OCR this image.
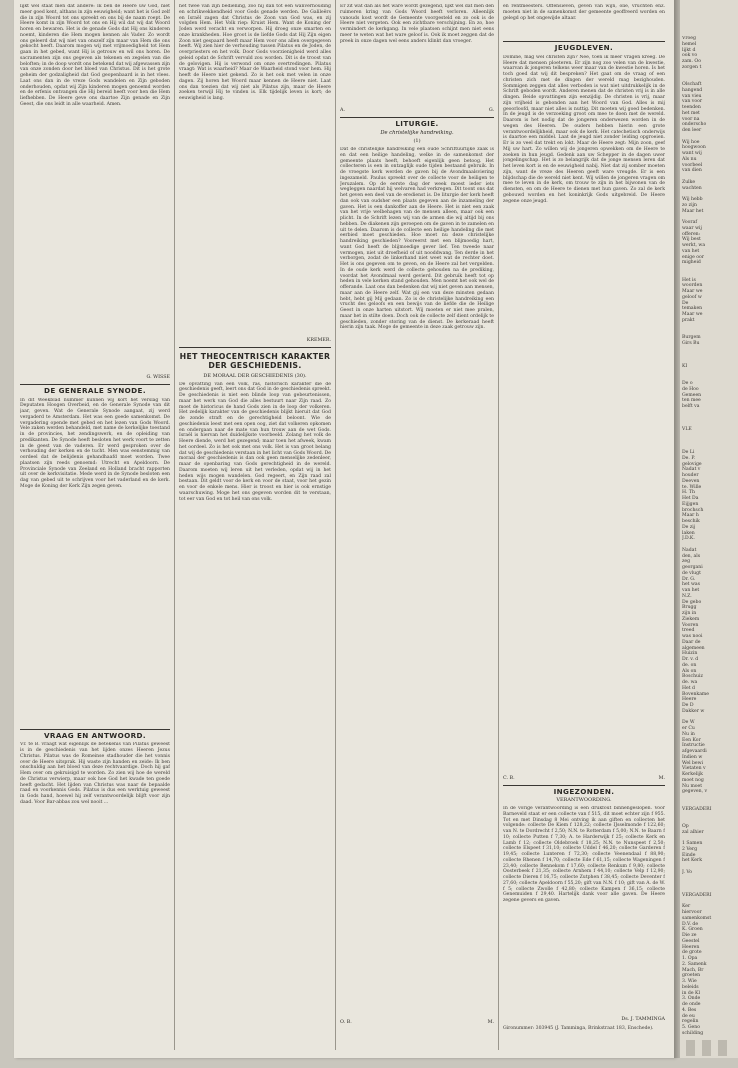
lijkt wel staat men dat andere: Ik ben de Heere uw God, niet meer goed kent, althans in zijn eeuwigheid; want het is God zelf die in zijn Woord tot ons spreekt en ons bij de naam roept. De Heere komt in zijn Woord tot ons en Hij wil dat wij dat Woord horen en bewaren. Het is de genade Gods dat Hij ons kinderen noemt, kinderen die Hem mogen kennen als Vader. Zo wordt ons geleerd dat wij niet van onszelf zijn maar van Hem die ons gekocht heeft. Daarom mogen wij met vrijmoedigheid tot Hem gaan in het gebed, want Hij is getrouw en wil ons horen. De sacramenten zijn ons gegeven als tekenen en zegelen van die beloften; in de doop wordt ons betekend dat wij afgewassen zijn van onze zonden door het bloed van Christus. Dit is het grote geheim der godzaligheid dat God geopenbaard is in het vlees. Laat ons dan in de vreze Gods wandelen en Zijn geboden onderhouden, opdat wij Zijn kinderen mogen genoemd worden en de erfenis ontvangen die Hij bereid heeft voor hen die Hem liefhebben. De Heere geve ons daartoe Zijn genade en Zijn Geest, die ons leidt in alle waarheid. Amen.
G. WISSE
DE GENERALE SYNODE.
In dit Weekblad nummer kunnen wij kort het verslag van Deputaten Hoogen Overbeid, en de Generale Synode van dit jaar, geven. Wat de Generale Synode aangaat, zij werd vergaderd te Amsterdam. Het was een goede samenkomst. De vergadering opende met gebed en het lezen van Gods Woord. Vele zaken werden behandeld, met name de kerkelijke toestand in de provincies, het zendingswerk, en de opleiding van predikanten. De Synode heeft besloten het werk voort te zetten in de geest van de vaderen. Er werd gesproken over de verhouding der kerken en de tucht. Men was eenstemmig van oordeel dat de belijdenis gehandhaafd moet worden. Twee plaatsen zijn reeds genoemd: Utrecht en Apeldoorn. De Provinciale Synode van Zeeland en Holland bracht rapporten uit over de kerkvisitatie. Mede werd in de Synode besloten een dag van gebed uit te schrijven voor het vaderland en de kerk. Moge de Koning der Kerk Zijn zegen geven.
VRAAG EN ANTWOORD.
Vr. te B. vraagt wat eigenlijk de betekenis van Pilatus geweest is in de geschiedenis van het lijden onzes Heeren Jezus Christus. Pilatus was de Romeinse stadhouder die het vonnis over de Heere uitsprak. Hij waste zijn handen en zeide: Ik ben onschuldig aan het bloed van deze rechtvaardige. Doch hij gaf Hem over om gekruisigd te worden. Zo zien wij hoe de wereld de Christus verwierp, maar ook hoe God het kwade ten goede heeft gedacht. Het lijden van Christus was naar de bepaalde raad en voorkennis Gods. Pilatus is dus een werktuig geweest in Gods hand, hoewel hij zelf verantwoordelijk blijft voor zijn daad. Voor Bar-abbas zou wel nooit ...
het twee van zijn bediening, zoo hij dan tot een wanverhouding en schrikwekkendheid voor Gods genade werden. De Galileërs en Israël zagen dat Christus de Zoon van God was, en zij volgden Hem. Het Volk riep: Kruist Hem. Want de Koning der Joden werd veracht en verworpen. Hij droeg onze smarten en onze krankheden. Hoe groot is de liefde Gods dat Hij Zijn eigen Zoon niet gespaard heeft maar Hem voor ons allen overgegeven heeft. Wij zien hier de verhouding tussen Pilatus en de Joden, de overpriesters en het volk. Door Gods voorzienigheid werd alles geleid opdat de Schrift vervuld zou worden. Dit is de troost van de gelovigen. Hij is verwond om onze overtredingen. Pilatus vraagt: Wat is waarheid? Maar de Waarheid stond voor hem. Hij heeft de Heere niet gekend. Zo is het ook met velen in onze dagen. Zij horen het Woord maar kennen de Heere niet. Laat ons dan toezien dat wij niet als Pilatus zijn, maar de Heere zoeken terwijl Hij te vinden is. Elk tijdelijk leven is kort; de eeuwigheid is lang.
KREMER.
HET THEOCENTRISCH KARAKTER DER GESCHIEDENIS.
DE MORAAL DER GESCHIEDENIS (30).
De opvatting van een volk, ras, historisch karakter die de geschiedenis geeft, leert ons dat God in de geschiedenis spreekt. De geschiedenis is niet een blinde loop van gebeurtenissen, maar het werk van God die alles bestuurt naar Zijn raad. Zo moet de historicus de hand Gods zien in de loop der volkeren. Het zedelijk karakter van de geschiedenis blijkt hieruit dat God de zonde straft en de gerechtigheid beloont. Wie de geschiedenis leest met een open oog, ziet dat volkeren opkomen en ondergaan naar de mate van hun trouw aan de wet Gods. Israël is hiervan het duidelijkste voorbeeld. Zolang het volk de Heere diende, werd het gezegend; maar toen het afweek, kwam het oordeel. Zo is het ook met ons volk. Het is van groot belang dat wij de geschiedenis verstaan in het licht van Gods Woord. De moraal der geschiedenis is dan ook geen menselijke zedenleer, maar de openbaring van Gods gerechtigheid in de wereld. Daarom moeten wij leren uit het verleden, opdat wij in het heden wijs mogen wandelen. God regeert, en Zijn raad zal bestaan. Dit geldt voor de kerk en voor de staat, voor het gezin en voor de enkele mens. Hier is troost en hier is ook ernstige waarschuwing. Moge het ons gegeven worden dit te verstaan, tot eer van God en tot heil van ons volk.
Er zit wat dan als het ware wordt gezegend, lijkt wel dat men den ruimeren kring van Gods Woord heeft verloren. Alleenlijk vanouds kost wordt de Gemeente voorgesteld en zo ook is de Heere niet vergeten. Ook een zichtbare verschijning. En zo, hoe vermindert de kerkgang. In vele plaatsen schijnt men niet eens meer te weten wat het ware geloof is. Ook ik moet zeggen dat de preek in onze dagen wel eens anders klinkt dan vroeger.
A.	G.
LITURGIE.
De christelijke handreiking.
(1)
Dat de christelijke handreiking een oude Schriftuurlijke zaak is en dat een heilige handeling, welke in de samenkomst der gemeente plaats heeft, behoeft eigenlijk geen betoog. Het collecteren is een in ontzaglijk oude tijden bestaand gebruik. In de vroegste kerk werden de gaven bij de Avondmaalsviering ingezameld. Paulus spreekt over de collecte voor de heiligen te Jeruzalem. Op de eerste dag der week moest ieder iets wegleggen naardat hij welvaren had verkregen. Dit toont ons dat het geven een deel van de eredienst is. De liturgie der kerk heeft dan ook van oudsher een plaats gegeven aan de inzameling der gaven. Het is een dankoffer aan de Heere. Het is niet een zaak van het vrije welbehagen van de mensen alleen, maar ook een plicht. In de Schrift lezen wij van de armen die wij altijd bij ons hebben. De diakenen zijn geroepen om de gaven in te zamelen en uit te delen. Daarom is de collecte een heilige handeling die met eerbied moet geschieden. Hoe moet nu deze christelijke handreiking geschieden? Vooreerst met een blijmoedig hart, want God heeft de blijmoedige gever lief. Ten tweede naar vermogen, niet uit droefheid of uit nooddwang. Ten derde in het verborgen, zodat de linkerhand niet weet wat de rechter doet. Het is ons gegeven om te geven, en de Heere zal het vergelden. In de oude kerk werd de collecte gehouden na de prediking, voordat het Avondmaal werd gevierd. Dit gebruik heeft tot op heden in vele kerken stand gehouden. Men noemt het ook wel de offerande. Laat ons dan bedenken dat wij niet geven aan mensen, maar aan de Heere zelf. Wat gij een van deze minsten gedaan hebt, hebt gij Mij gedaan. Zo is de christelijke handreiking een vrucht des geloofs en een bewijs van de liefde die de Heilige Geest in onze harten uitstort. Wij moeten er niet mee pralen, maar het in stilte doen. Doch ook de collecte zelf dient ordelijk te geschieden, zonder storing van de dienst. De kerkeraad heeft hierin zijn taak. Moge de gemeente in deze zaak getrouw zijn.
O. B.	M.
en rentmeesters. Offensieven, geven van wijn, olie, vruchten enz. moeten niet in de samenkomst der gemeente geoffreerd worden en gelegd op het ongewijde altaar.
JEUGDLEVEN.
Dominé, mag wel christen zijn? Nee, toen ik meer vragen kreeg. De Heere dat mensen ploeteren. Er zijn nog zoo velen van de kwestie, waarvan ik jongeren telkens weer maar van de kwestie horen. Is het toch goed dat wij dit bespreken? Het gaat om de vraag of een christen zich met de dingen der wereld mag bezighouden. Sommigen zeggen dat alles verboden is wat niet uitdrukkelijk in de Schrift geboden wordt. Anderen menen dat de christen vrij is in alle dingen. Beide opvattingen zijn eenzijdig. De christen is vrij, maar zijn vrijheid is gebonden aan het Woord van God. Alles is mij geoorloofd, maar niet alles is nuttig. Dit moeten wij goed bedenken. In de jeugd is de verzoeking groot om mee te doen met de wereld. Daarom is het nodig dat de jongeren onderwezen worden in de wegen des Heeren. De ouders hebben hierin een grote verantwoordelijkheid, maar ook de kerk. Het catechetisch onderwijs is daartoe een middel. Laat de jeugd niet zonder leiding opgroeien. Er is zo veel dat trekt en lokt. Maar de Heere zegt: Mijn zoon, geef Mij uw hart. Zo willen wij de jongeren opwekken om de Heere te zoeken in hun jeugd. Gedenk aan uw Schepper in de dagen uwer jongelingschap. Het is zo belangrijk dat de jonge mensen leren dat het leven kort is en de eeuwigheid nabij. Niet dat zij somber moeten zijn, want de vreze des Heeren geeft ware vreugde. Er is een blijdschap die de wereld niet kent. Wij willen de jongeren vragen om mee te leven in de kerk, om trouw te zijn in het bijwonen van de diensten, en om de Heere te dienen met hun gaven. Zo zal de kerk gebouwd worden en het koninkrijk Gods uitgebreid. De Heere zegene onze jeugd.
C. B.	M.
INGEZONDEN.
VERANTWOORDING.
In de vorige verantwoording is een drukfout binnengeslopen. Voor Barneveld staat er een collecte van f 515, dit moet echter zijn f 955. Tot en met Dinsdag 8 Mei ontving ik aan giften en collecten het volgende: collecte De Kiem f 128,22; collecte IJsselmonde f 122,60; van N. te Dordrecht f 2,50; N.N. te Rotterdam f 5,00; N.N. te Baarn f 10; collecte Putten f 7,30; A. te Harderwijk f 25; collecte Kerk en Lamb f 12; collecte Oldebroek f 18,25; N.N. te Nunspeet f 2,50; collecte Elspeet f 31,10; collecte Uddel f 46,20; collecte Garderen f 19,45; collecte Lunteren f 72,30; collecte Veenendaal f 88,90; collecte Rhenen f 14,70; collecte Ede f 61,15; collecte Wageningen f 23,40; collecte Bennekom f 17,60; collecte Renkum f 9,80; collecte Oosterbeek f 21,35; collecte Arnhem f 44,10; collecte Velp f 12,90; collecte Dieren f 16,75; collecte Zutphen f 38,45; collecte Deventer f 27,60; collecte Apeldoorn f 55,20; gift van N.N. f 10; gift van A. de W. f 5; collecte Zwolle f 42,80; collecte Kampen f 36,15; collecte Genemuiden f 29,40. Hartelijk dank voor alle gaven. De Heere zegene gevers en gaven.
Ds. J. TAMMINGA
Gironummer: 303945 (J. Tamminga, Brinkstraat 183, Enschede).
Vroeg
hemel
lijkt d
ook vo
zam. Oo
zorgen t

Olschaft
hangend
van vieu
van voor
teenden
het met
voor na
onderscho
den leer

Wij hoe
hoogwoon
want wij
Als nu
voorbeel
van dien

Zulke
wachten

Wij hebb
zo zijn
Maar het

Vooraf
waar wij
offeren:
Wij best
werkt, wa
van het
enige oor
migheid

Het is
woorden
Maar we
geloof w
De
temaken
Maar we
prakt

Burgem
Girs Bu

KI

De o
de Hoo
Gemeen
ten mee
belft va

VLE

De Li
De. P.
gelovige
Nadat v
houder
Deeven
te. Wille
H. Th
Het Da
Eijjgen
brochsch
Maar h
beschik
De zij
laken
J.D.K.

Nadat
den, als
zeg
georgani
de vlugt
Dr. G.
het was
van het
N.Z.
De gebo
Brugg
zijn in
Ziekem
Vooren
treed
was nooi
Daar de
algemeen
Huizin
Dr. v. d
de. on
Als on
Boschuiz
de. wa
Het d
Bovenkame
Heere
De D
Dakker w

De W
er Cu
Nu in
Een Kor
Instructie
afgevaardi
Indien w
Wel bewi
Vietaten v
Kerkelijk
moet nog
Nu moet
gegeven, v

VERGADERI

Op
zal alhier

1 Samen
2 Verg
Einde
het Kerk

J. Vo

VERGADERI

Ker
hiervoor
samenkomst
D.V. de
K. Groen
Die ze
Geestel
Heeren
de grote
1. Opa
2. Samenk
Mach, Br
groeten
3. Wie
beleids
in de Kl
3. Onde
de onde
4. Bes
de eu
regelin
5. Geno
schilding
